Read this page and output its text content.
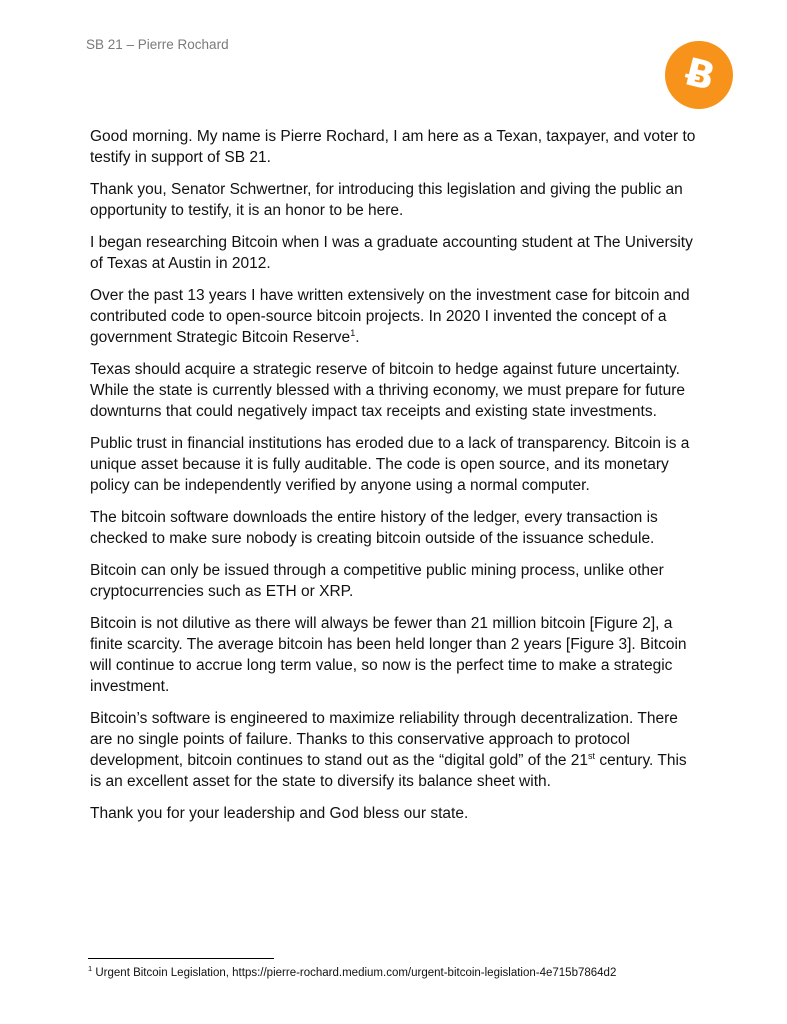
SB 21 – Pierre Rochard
Ƀ

Good morning. My name is Pierre Rochard, I am here as a Texan, taxpayer, and voter to testify in support of SB 21.

Thank you, Senator Schwertner, for introducing this legislation and giving the public an opportunity to testify, it is an honor to be here.

I began researching Bitcoin when I was a graduate accounting student at The University of Texas at Austin in 2012.

Over the past 13 years I have written extensively on the investment case for bitcoin and contributed code to open-source bitcoin projects. In 2020 I invented the concept of a government Strategic Bitcoin Reserve$^1$.

Texas should acquire a strategic reserve of bitcoin to hedge against future uncertainty. While the state is currently blessed with a thriving economy, we must prepare for future downturns that could negatively impact tax receipts and existing state investments.

Public trust in financial institutions has eroded due to a lack of transparency. Bitcoin is a unique asset because it is fully auditable. The code is open source, and its monetary policy can be independently verified by anyone using a normal computer.

The bitcoin software downloads the entire history of the ledger, every transaction is checked to make sure nobody is creating bitcoin outside of the issuance schedule.

Bitcoin can only be issued through a competitive public mining process, unlike other cryptocurrencies such as ETH or XRP.

Bitcoin is not dilutive as there will always be fewer than 21 million bitcoin [Figure 2], a finite scarcity. The average bitcoin has been held longer than 2 years [Figure 3]. Bitcoin will continue to accrue long term value, so now is the perfect time to make a strategic investment.

Bitcoin’s software is engineered to maximize reliability through decentralization. There are no single points of failure. Thanks to this conservative approach to protocol development, bitcoin continues to stand out as the “digital gold” of the 21st century. This is an excellent asset for the state to diversify its balance sheet with.

Thank you for your leadership and God bless our state.

$^1$ Urgent Bitcoin Legislation, https://pierre-rochard.medium.com/urgent-bitcoin-legislation-4e715b7864d2
